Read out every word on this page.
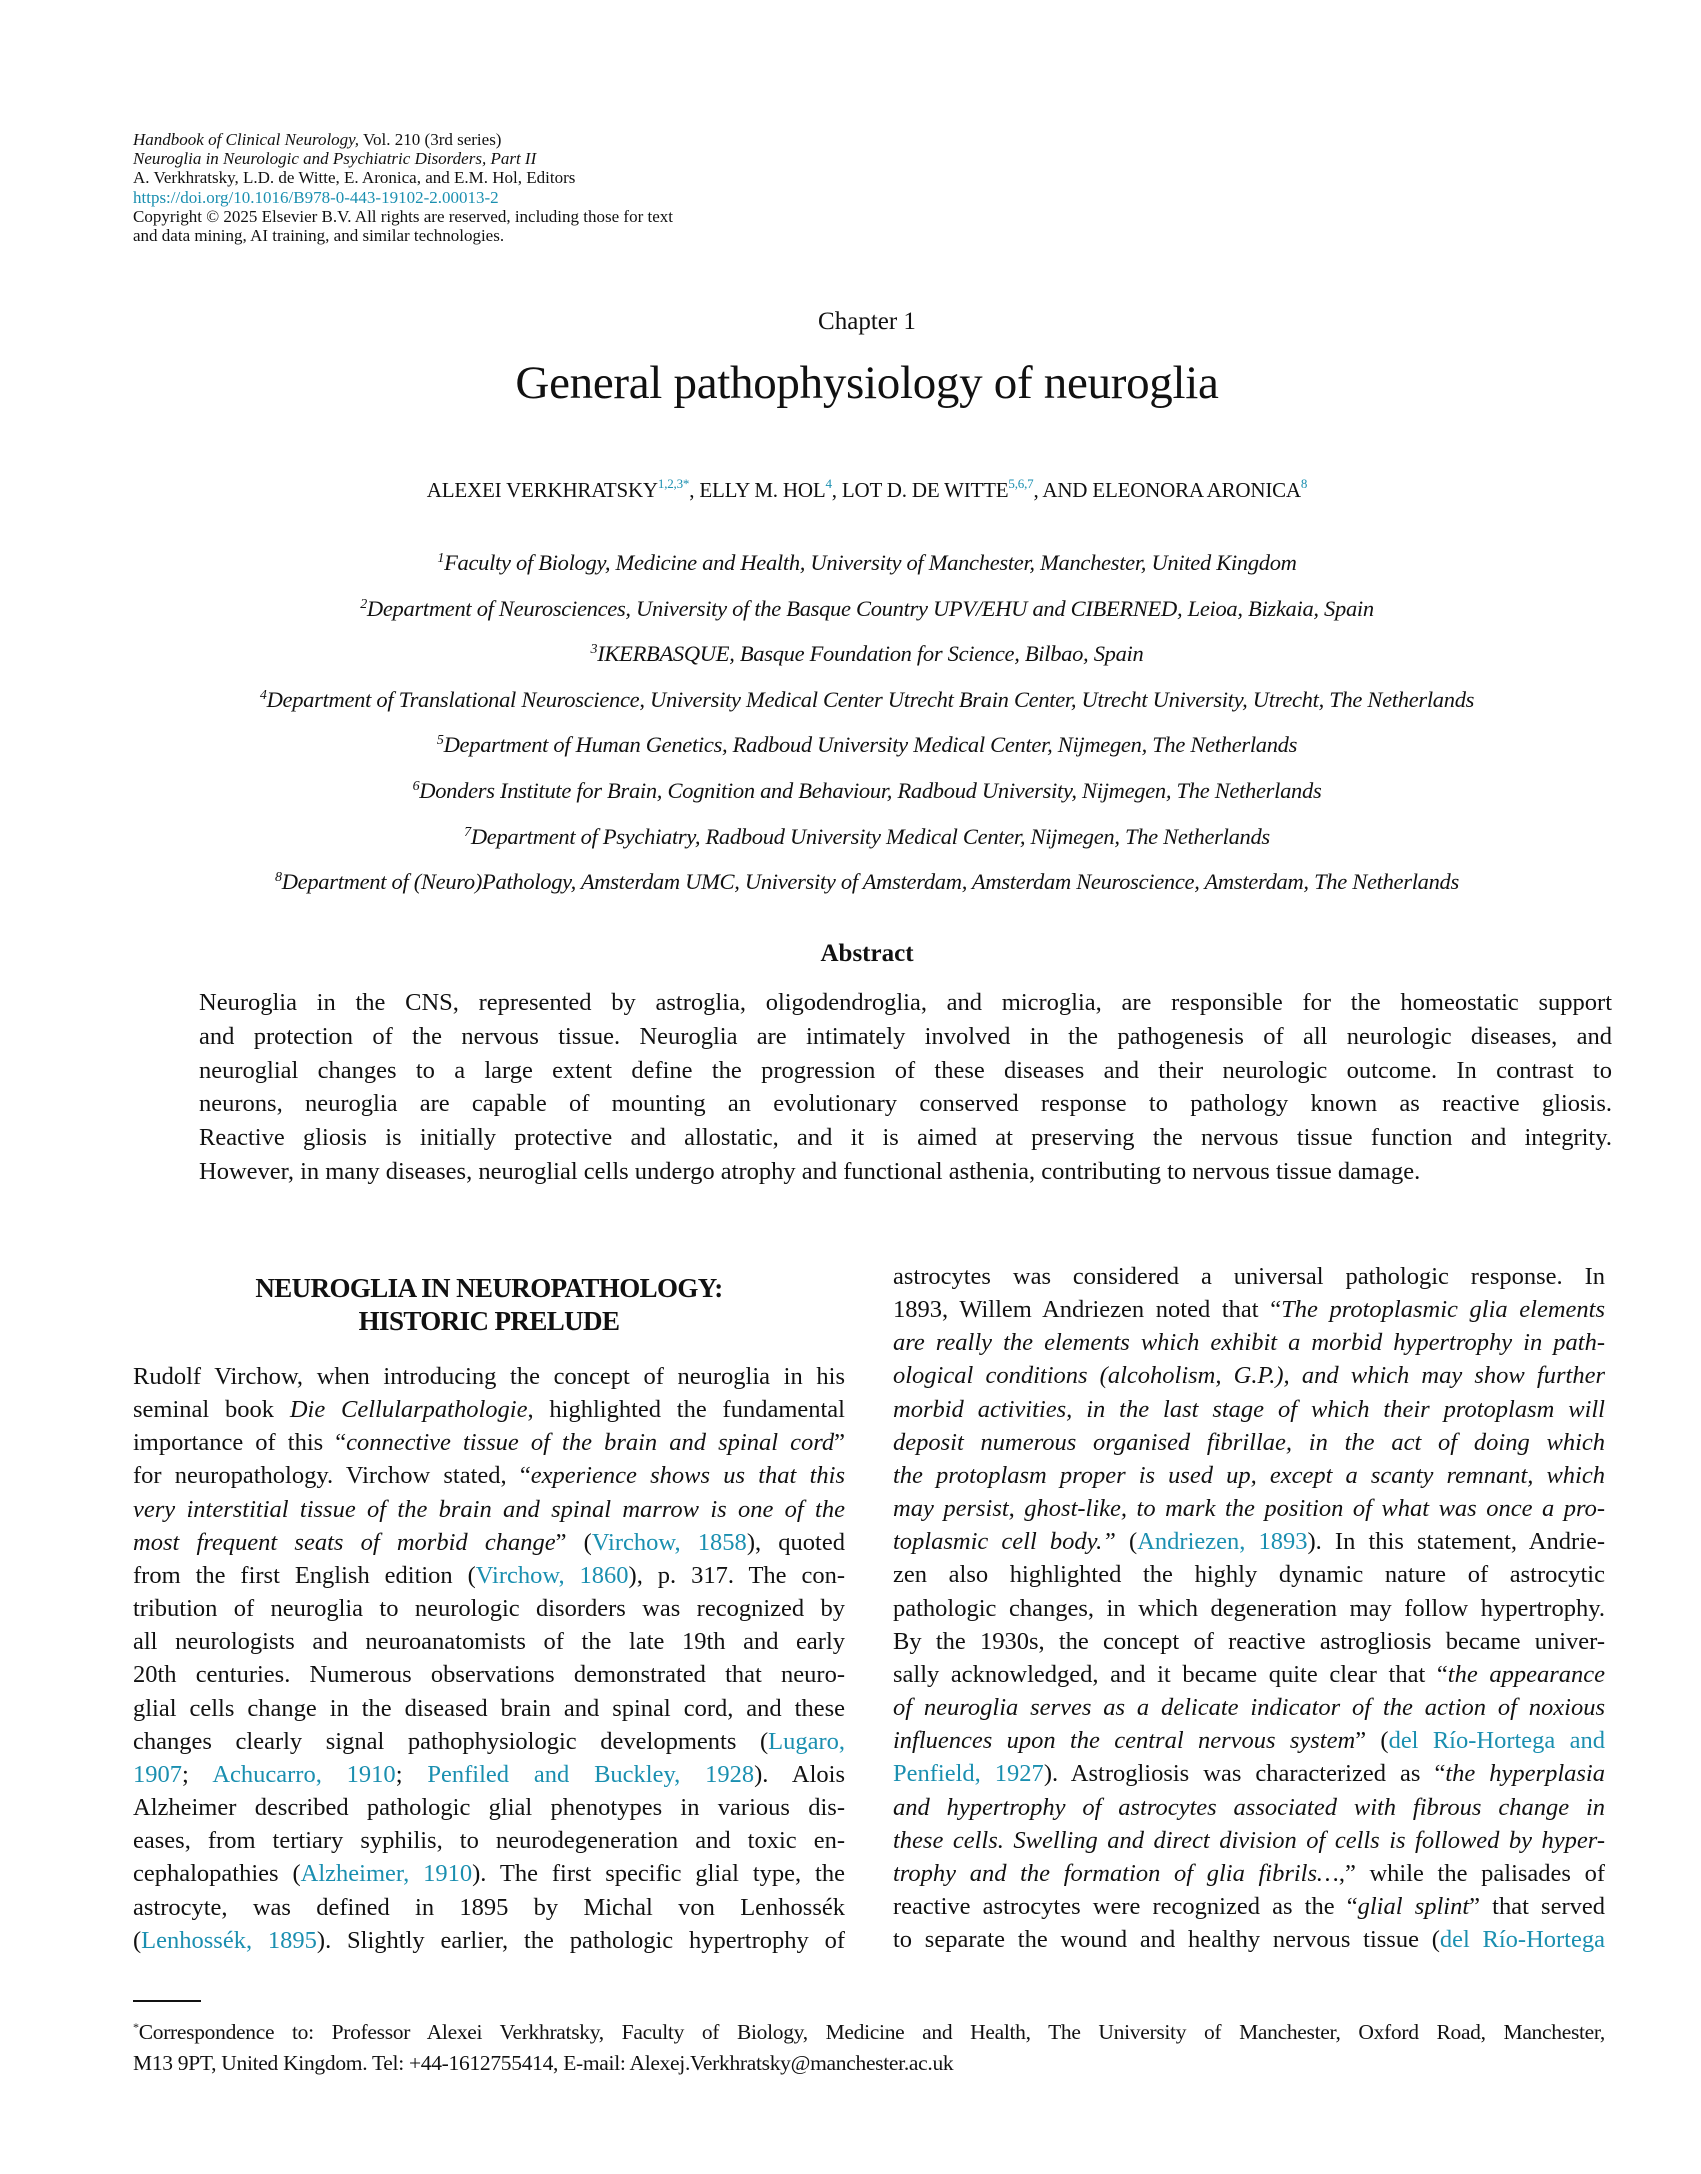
Handbook of Clinical Neurology, Vol. 210 (3rd series)
Neuroglia in Neurologic and Psychiatric Disorders, Part II
A. Verkhratsky, L.D. de Witte, E. Aronica, and E.M. Hol, Editors
https://doi.org/10.1016/B978-0-443-19102-2.00013-2
Copyright © 2025 Elsevier B.V. All rights are reserved, including those for text
and data mining, AI training, and similar technologies.
Chapter 1
General pathophysiology of neuroglia
ALEXEI $VERKHRATSKY^{1,2,3*}$, ELLY M. HOL$^4$, LOT D. DE WITTE$^{5,6,7}$, AND ELEONORA ARONICA$^8$
$^1$Faculty of Biology, Medicine and Health, University of Manchester, Manchester, United Kingdom
$^2$Department of Neurosciences, University of the Basque Country UPV/EHU and CIBERNED, Leioa, Bizkaia, Spain
$^3$IKERBASQUE, Basque Foundation for Science, Bilbao, Spain
$^4$Department of Translational Neuroscience, University Medical Center Utrecht Brain Center, Utrecht University, Utrecht, The Netherlands
$^5$Department of Human Genetics, Radboud University Medical Center, Nijmegen, The Netherlands
$^6$Donders Institute for Brain, Cognition and Behaviour, Radboud University, Nijmegen, The Netherlands
$^7$Department of Psychiatry, Radboud University Medical Center, Nijmegen, The Netherlands
$^8$Department of (Neuro)Pathology, Amsterdam UMC, University of Amsterdam, Amsterdam Neuroscience, Amsterdam, The Netherlands
Abstract
Neuroglia in the CNS, represented by astroglia, oligodendroglia, and microglia, are responsible for the homeostatic support
and protection of the nervous tissue. Neuroglia are intimately involved in the pathogenesis of all neurologic diseases, and
neuroglial changes to a large extent define the progression of these diseases and their neurologic outcome. In contrast to
neurons, neuroglia are capable of mounting an evolutionary conserved response to pathology known as reactive gliosis.
Reactive gliosis is initially protective and allostatic, and it is aimed at preserving the nervous tissue function and integrity.
However, in many diseases, neuroglial cells undergo atrophy and functional asthenia, contributing to nervous tissue damage.
NEUROGLIA IN NEUROPATHOLOGY:
HISTORIC PRELUDE
Rudolf Virchow, when introducing the concept of neuroglia in his
seminal book Die Cellularpathologie, highlighted the fundamental
importance of this “connective tissue of the brain and spinal cord”
for neuropathology. Virchow stated, “experience shows us that this
very interstitial tissue of the brain and spinal marrow is one of the
most frequent seats of morbid change” (Virchow, 1858), quoted
from the first English edition (Virchow, 1860), p. 317. The con-
tribution of neuroglia to neurologic disorders was recognized by
all neurologists and neuroanatomists of the late 19th and early
20th centuries. Numerous observations demonstrated that neuro-
glial cells change in the diseased brain and spinal cord, and these
changes clearly signal pathophysiologic developments (Lugaro,
1907; Achucarro, 1910; Penfiled and Buckley, 1928). Alois
Alzheimer described pathologic glial phenotypes in various dis-
eases, from tertiary syphilis, to neurodegeneration and toxic en-
cephalopathies (Alzheimer, 1910). The first specific glial type, the
astrocyte, was defined in 1895 by Michal von Lenhossék
(Lenhossék, 1895). Slightly earlier, the pathologic hypertrophy of
astrocytes was considered a universal pathologic response. In
1893, Willem Andriezen noted that “The protoplasmic glia elements
are really the elements which exhibit a morbid hypertrophy in path-
ological conditions (alcoholism, G.P.), and which may show further
morbid activities, in the last stage of which their protoplasm will
deposit numerous organised fibrillae, in the act of doing which
the protoplasm proper is used up, except a scanty remnant, which
may persist, ghost-like, to mark the position of what was once a pro-
toplasmic cell body.” (Andriezen, 1893). In this statement, Andrie-
zen also highlighted the highly dynamic nature of astrocytic
pathologic changes, in which degeneration may follow hypertrophy.
By the 1930s, the concept of reactive astrogliosis became univer-
sally acknowledged, and it became quite clear that “the appearance
of neuroglia serves as a delicate indicator of the action of noxious
influences upon the central nervous system” (del Río-Hortega and
Penfield, 1927). Astrogliosis was characterized as “the hyperplasia
and hypertrophy of astrocytes associated with fibrous change in
these cells. Swelling and direct division of cells is followed by hyper-
trophy and the formation of glia fibrils…,” while the palisades of
reactive astrocytes were recognized as the “glial splint” that served
to separate the wound and healthy nervous tissue (del Río-Hortega
*Correspondence to: Professor Alexei Verkhratsky, Faculty of Biology, Medicine and Health, The University of Manchester, Oxford Road, Manchester,
M13 9PT, United Kingdom. Tel: +44-1612755414, E-mail: Alexej.Verkhratsky@manchester.ac.uk
